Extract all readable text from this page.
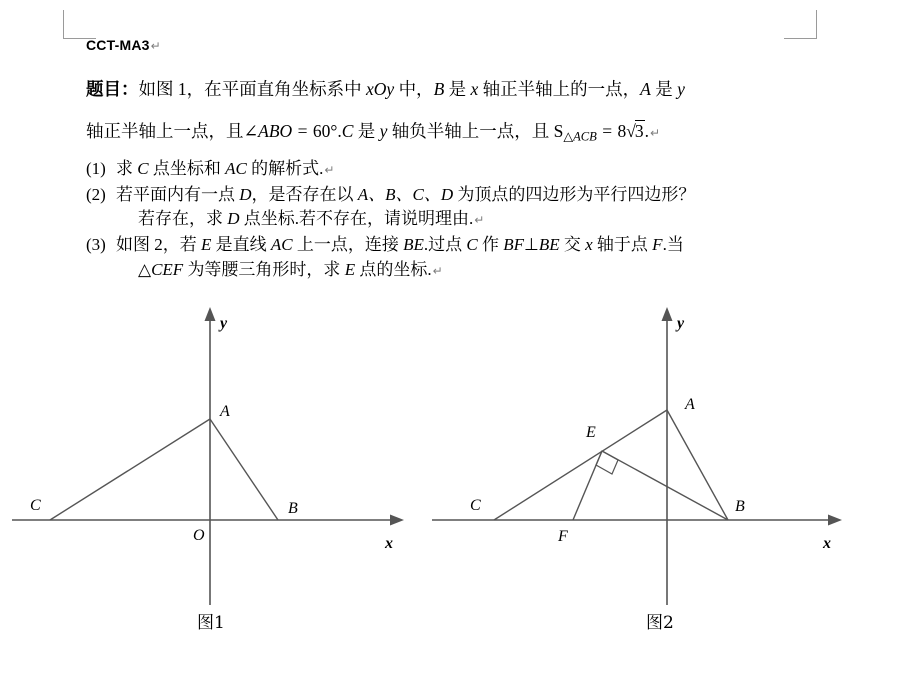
CCT-MA3↵
题目：如图 1，在平面直角坐标系中 xOy 中，B 是 x 轴正半轴上的一点，A 是 y
轴正半轴上一点，且∠ABO = 60°.C 是 y 轴负半轴上一点，且 $S_{\triangle ACB}$ = 8√3.↵
(1) 求 C 点坐标和 AC 的解析式.↵
(2) 若平面内有一点 D，是否存在以 A、B、C、D 为顶点的四边形为平行四边形？
若存在，求 D 点坐标.若不存在，请说明理由.↵
(3) 如图 2，若 E 是直线 AC 上一点，连接 BE.过点 C 作 BF⊥BE 交 x 轴于点 F.当
△CEF 为等腰三角形时，求 E 点的坐标.↵
A
B
C
O	x
y
A
B
C
E
F	x
y
图1	图2
